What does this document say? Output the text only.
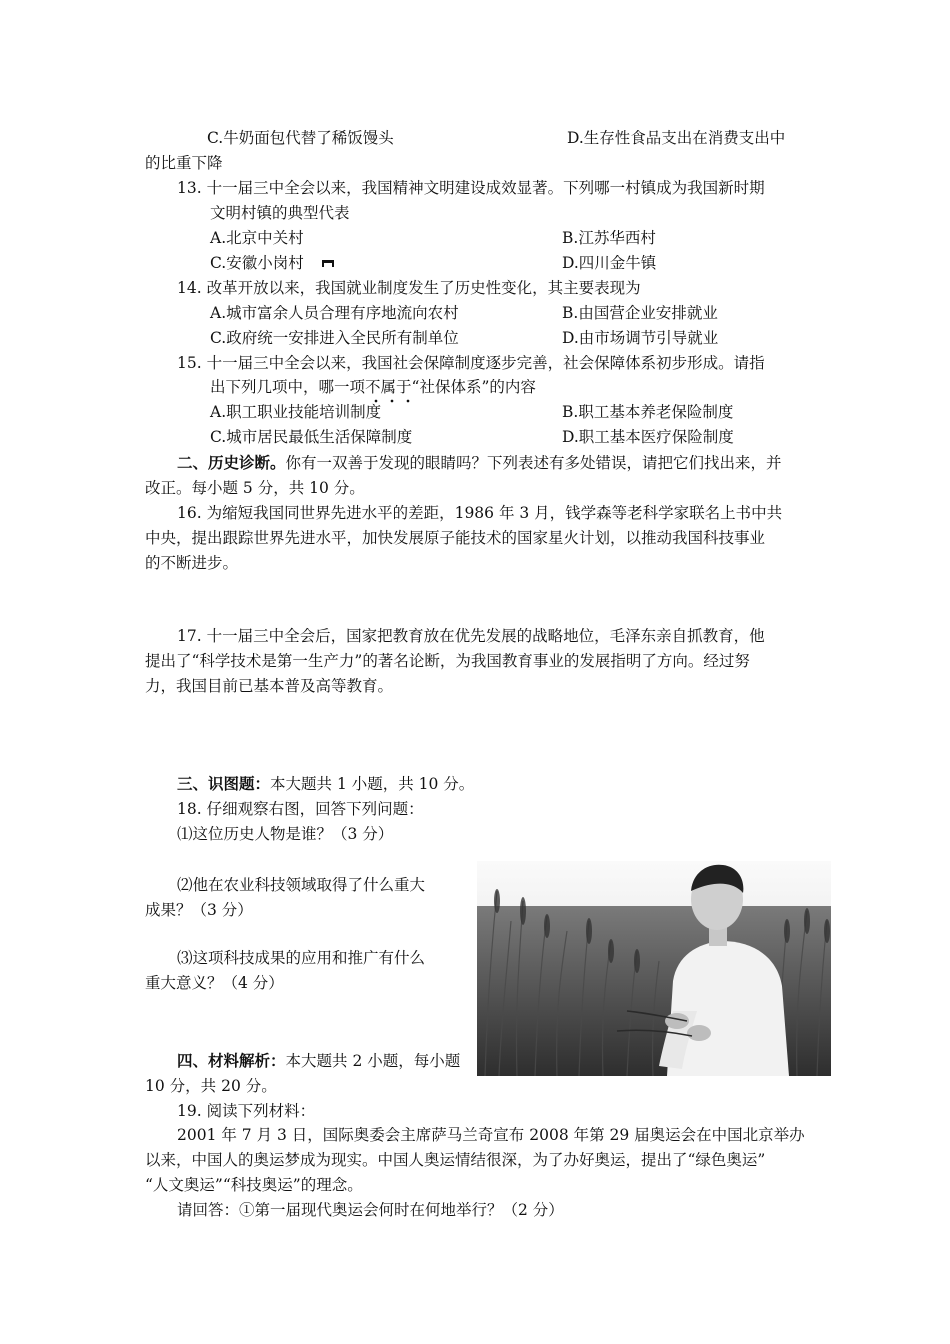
C.牛奶面包代替了稀饭馒头	D.生存性食品支出在消费支出中
的比重下降
13. 十一届三中全会以来，我国精神文明建设成效显著。下列哪一村镇成为我国新时期
文明村镇的典型代表
A.北京中关村	B.江苏华西村
C.安徽小岗村	D.四川金牛镇
14. 改革开放以来，我国就业制度发生了历史性变化，其主要表现为
A.城市富余人员合理有序地流向农村	B.由国营企业安排就业
C.政府统一安排进入全民所有制单位	D.由市场调节引导就业
15. 十一届三中全会以来，我国社会保障制度逐步完善，社会保障体系初步形成。请指
出下列几项中，哪一项不属于
“社保体系”的内容
A.职工职业技能培训制度	B.职工基本养老保险制度
C.城市居民最低生活保障制度	D.职工基本医疗保险制度
二、历史诊断。你有一双善于发现的眼睛吗？下列表述有多处错误，请把它们找出来，并
改正。每小题 5 分，共 10 分。
16. 为缩短我国同世界先进水平的差距，1986 年 3 月，钱学森等老科学家联名上书中共
中央，提出跟踪世界先进水平，加快发展原子能技术的国家星火计划，以推动我国科技事业
的不断进步。
17. 十一届三中全会后，国家把教育放在优先发展的战略地位，毛泽东亲自抓教育，他
提出了“科学技术是第一生产力”的著名论断，为我国教育事业的发展指明了方向。经过努
力，我国目前已基本普及高等教育。
三、识图题：本大题共 1 小题，共 10 分。
18. 仔细观察右图，回答下列问题：
⑴这位历史人物是谁？（3 分）
⑵他在农业科技领域取得了什么重大
成果？（3 分）
⑶这项科技成果的应用和推广有什么
重大意义？（4 分）
四、材料解析：本大题共 2 小题，每小题
10 分，共 20 分。
19. 阅读下列材料：
2001 年 7 月 3 日，国际奥委会主席萨马兰奇宣布 2008 年第 29 届奥运会在中国北京举办
以来，中国人的奥运梦成为现实。中国人奥运情结很深，为了办好奥运，提出了“绿色奥运”
“人文奥运”“科技奥运”的理念。
请回答：①第一届现代奥运会何时在何地举行？（2 分）
